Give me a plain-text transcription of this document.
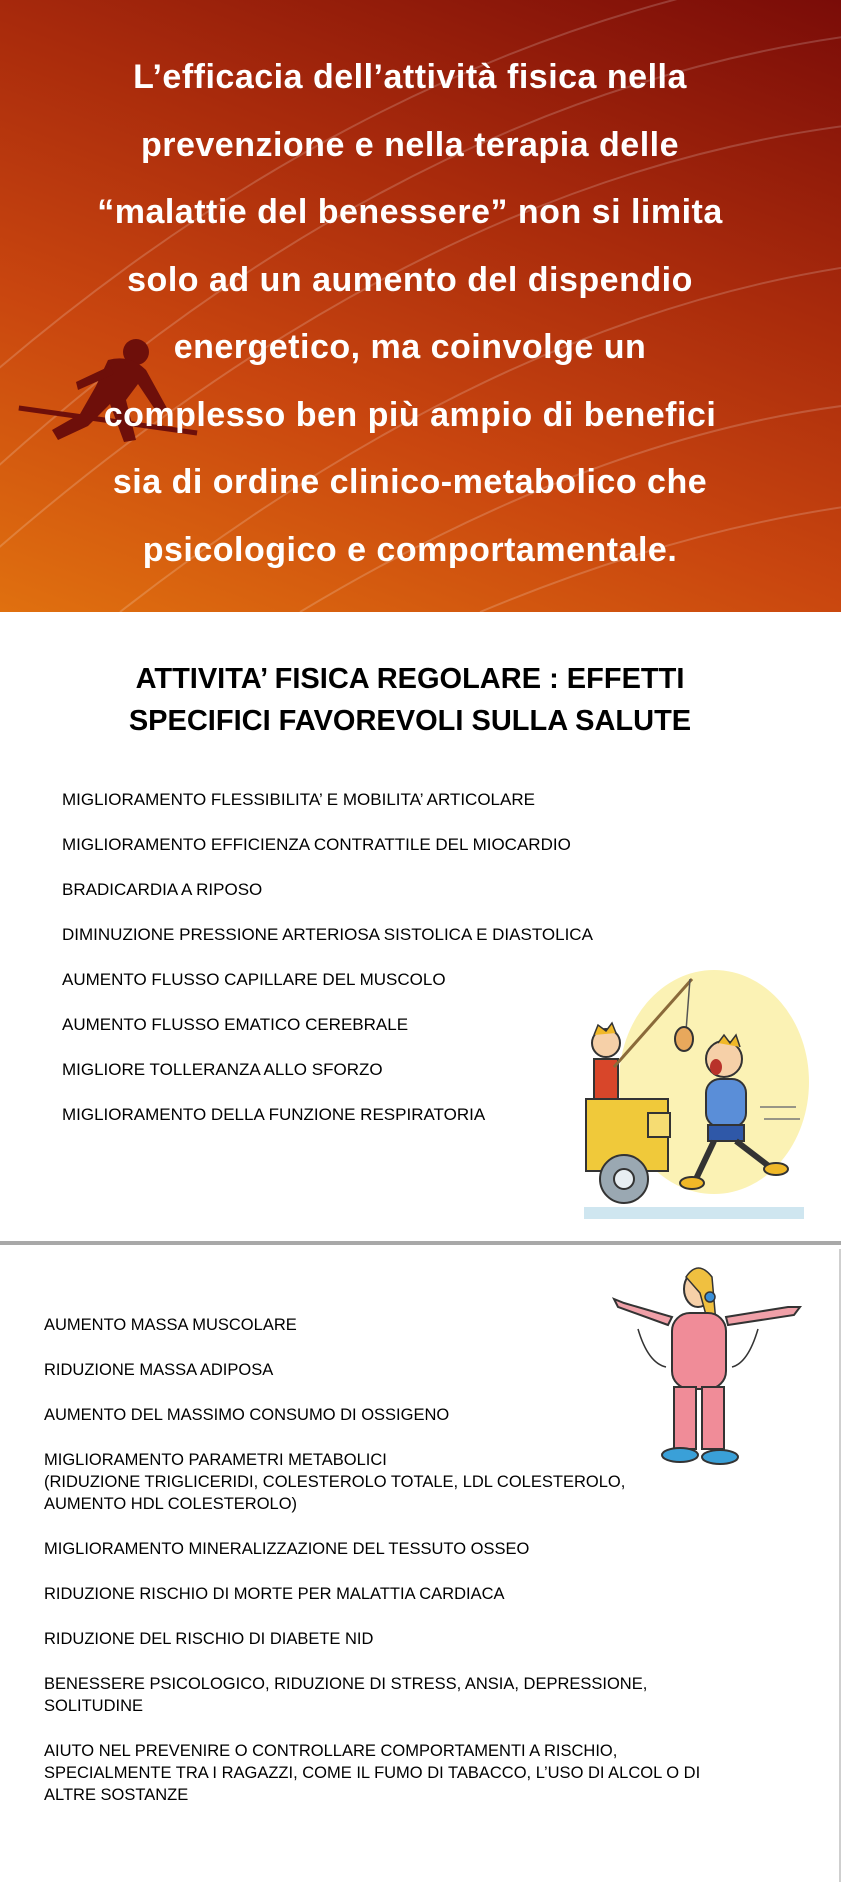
L’efficacia dell’attività fisica nella
prevenzione e nella terapia delle
“malattie del benessere” non si limita
solo ad un aumento del dispendio
energetico, ma coinvolge un
complesso ben più ampio di benefici
sia di ordine clinico-metabolico che
psicologico e comportamentale.
ATTIVITA’ FISICA REGOLARE : EFFETTI
SPECIFICI FAVOREVOLI SULLA SALUTE
MIGLIORAMENTO FLESSIBILITA’ E MOBILITA’ ARTICOLARE
MIGLIORAMENTO EFFICIENZA CONTRATTILE DEL MIOCARDIO
BRADICARDIA A RIPOSO
DIMINUZIONE PRESSIONE ARTERIOSA SISTOLICA E DIASTOLICA
AUMENTO FLUSSO CAPILLARE DEL MUSCOLO
AUMENTO FLUSSO EMATICO CEREBRALE
MIGLIORE TOLLERANZA ALLO SFORZO
MIGLIORAMENTO DELLA FUNZIONE RESPIRATORIA
AUMENTO MASSA MUSCOLARE
RIDUZIONE MASSA ADIPOSA
AUMENTO DEL MASSIMO CONSUMO DI OSSIGENO
MIGLIORAMENTO PARAMETRI METABOLICI
(RIDUZIONE TRIGLICERIDI, COLESTEROLO TOTALE, LDL COLESTEROLO,
AUMENTO HDL COLESTEROLO)
MIGLIORAMENTO MINERALIZZAZIONE DEL TESSUTO OSSEO
RIDUZIONE RISCHIO DI MORTE PER MALATTIA CARDIACA
RIDUZIONE DEL RISCHIO DI DIABETE NID
BENESSERE PSICOLOGICO, RIDUZIONE DI STRESS, ANSIA, DEPRESSIONE,
SOLITUDINE
AIUTO NEL PREVENIRE O CONTROLLARE COMPORTAMENTI A RISCHIO,
SPECIALMENTE TRA I RAGAZZI, COME IL FUMO DI TABACCO, L’USO DI ALCOL O DI
ALTRE SOSTANZE
